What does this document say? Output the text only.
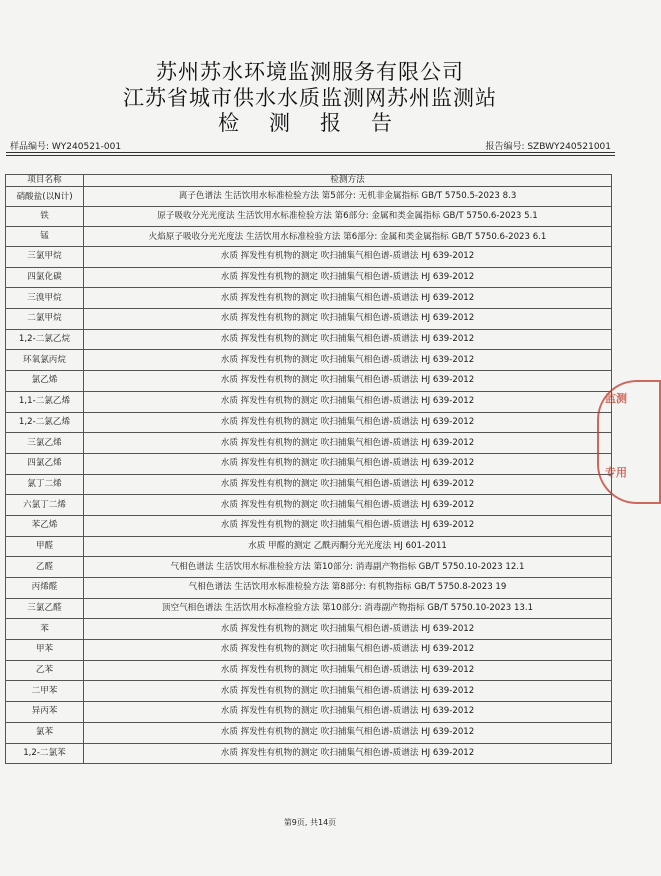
苏州苏水环境监测服务有限公司
江苏省城市供水水质监测网苏州监测站
检测报告
样品编号: WY240521-001	报告编号: SZBWY240521001
项目名称	检测方法
硝酸盐(以N计)	离子色谱法 生活饮用水标准检验方法 第5部分: 无机非金属指标 GB/T 5750.5-2023 8.3
铁	原子吸收分光光度法 生活饮用水标准检验方法 第6部分: 金属和类金属指标 GB/T 5750.6-2023 5.1
锰	火焰原子吸收分光光度法 生活饮用水标准检验方法 第6部分: 金属和类金属指标 GB/T 5750.6-2023 6.1
三氯甲烷	水质 挥发性有机物的测定 吹扫捕集气相色谱-质谱法 HJ 639-2012
四氯化碳	水质 挥发性有机物的测定 吹扫捕集气相色谱-质谱法 HJ 639-2012
三溴甲烷	水质 挥发性有机物的测定 吹扫捕集气相色谱-质谱法 HJ 639-2012
二氯甲烷	水质 挥发性有机物的测定 吹扫捕集气相色谱-质谱法 HJ 639-2012
1,2-二氯乙烷	水质 挥发性有机物的测定 吹扫捕集气相色谱-质谱法 HJ 639-2012
环氧氯丙烷	水质 挥发性有机物的测定 吹扫捕集气相色谱-质谱法 HJ 639-2012
氯乙烯	水质 挥发性有机物的测定 吹扫捕集气相色谱-质谱法 HJ 639-2012
1,1-二氯乙烯	水质 挥发性有机物的测定 吹扫捕集气相色谱-质谱法 HJ 639-2012
1,2-二氯乙烯	水质 挥发性有机物的测定 吹扫捕集气相色谱-质谱法 HJ 639-2012
三氯乙烯	水质 挥发性有机物的测定 吹扫捕集气相色谱-质谱法 HJ 639-2012
四氯乙烯	水质 挥发性有机物的测定 吹扫捕集气相色谱-质谱法 HJ 639-2012
氯丁二烯	水质 挥发性有机物的测定 吹扫捕集气相色谱-质谱法 HJ 639-2012
六氯丁二烯	水质 挥发性有机物的测定 吹扫捕集气相色谱-质谱法 HJ 639-2012
苯乙烯	水质 挥发性有机物的测定 吹扫捕集气相色谱-质谱法 HJ 639-2012
甲醛	水质 甲醛的测定 乙酰丙酮分光光度法 HJ 601-2011
乙醛	气相色谱法 生活饮用水标准检验方法 第10部分: 消毒副产物指标 GB/T 5750.10-2023 12.1
丙烯醛	气相色谱法 生活饮用水标准检验方法 第8部分: 有机物指标 GB/T 5750.8-2023 19
三氯乙醛	顶空气相色谱法 生活饮用水标准检验方法 第10部分: 消毒副产物指标 GB/T 5750.10-2023 13.1
苯	水质 挥发性有机物的测定 吹扫捕集气相色谱-质谱法 HJ 639-2012
甲苯	水质 挥发性有机物的测定 吹扫捕集气相色谱-质谱法 HJ 639-2012
乙苯	水质 挥发性有机物的测定 吹扫捕集气相色谱-质谱法 HJ 639-2012
二甲苯	水质 挥发性有机物的测定 吹扫捕集气相色谱-质谱法 HJ 639-2012
异丙苯	水质 挥发性有机物的测定 吹扫捕集气相色谱-质谱法 HJ 639-2012
氯苯	水质 挥发性有机物的测定 吹扫捕集气相色谱-质谱法 HJ 639-2012
1,2-二氯苯	水质 挥发性有机物的测定 吹扫捕集气相色谱-质谱法 HJ 639-2012
第9页, 共14页
监测
专用
